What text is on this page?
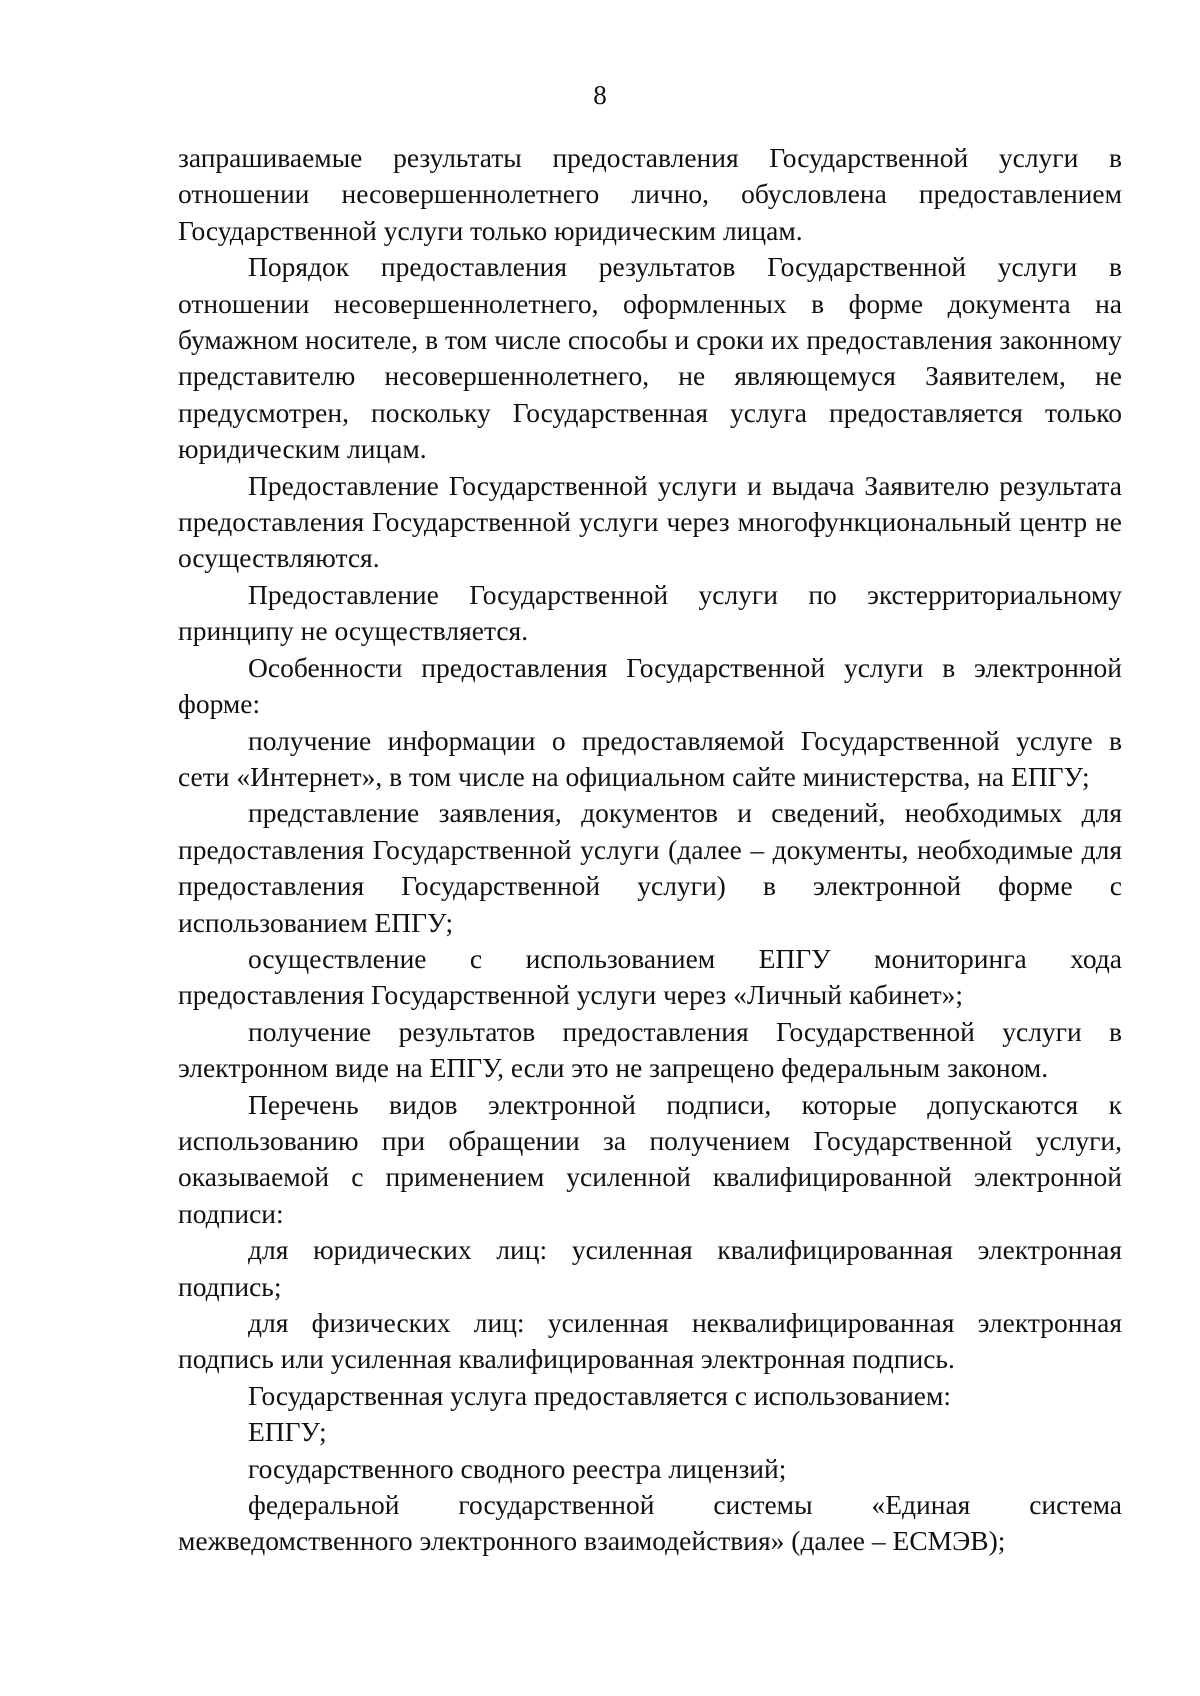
8

запрашиваемые результаты предоставления Государственной услуги в отношении несовершеннолетнего лично, обусловлена предоставлением Государственной услуги только юридическим лицам.

Порядок предоставления результатов Государственной услуги в отношении несовершеннолетнего, оформленных в форме документа на бумажном носителе, в том числе способы и сроки их предоставления законному представителю несовершеннолетнего, не являющемуся Заявителем, не предусмотрен, поскольку Государственная услуга предоставляется только юридическим лицам.

Предоставление Государственной услуги и выдача Заявителю результата предоставления Государственной услуги через многофункциональный центр не осуществляются.

Предоставление Государственной услуги по экстерриториальному принципу не осуществляется.

Особенности предоставления Государственной услуги в электронной форме:

получение информации о предоставляемой Государственной услуге в сети «Интернет», в том числе на официальном сайте министерства, на ЕПГУ;

представление заявления, документов и сведений, необходимых для предоставления Государственной услуги (далее – документы, необходимые для предоставления Государственной услуги) в электронной форме с использованием ЕПГУ;

осуществление с использованием ЕПГУ мониторинга хода предоставления Государственной услуги через «Личный кабинет»;

получение результатов предоставления Государственной услуги в электронном виде на ЕПГУ, если это не запрещено федеральным законом.

Перечень видов электронной подписи, которые допускаются к использованию при обращении за получением Государственной услуги, оказываемой с применением усиленной квалифицированной электронной подписи:

для юридических лиц: усиленная квалифицированная электронная подпись;

для физических лиц: усиленная неквалифицированная электронная подпись или усиленная квалифицированная электронная подпись.

Государственная услуга предоставляется с использованием:

ЕПГУ;

государственного сводного реестра лицензий;

федеральной государственной системы «Единая система межведомственного электронного взаимодействия» (далее – ЕСМЭВ);
